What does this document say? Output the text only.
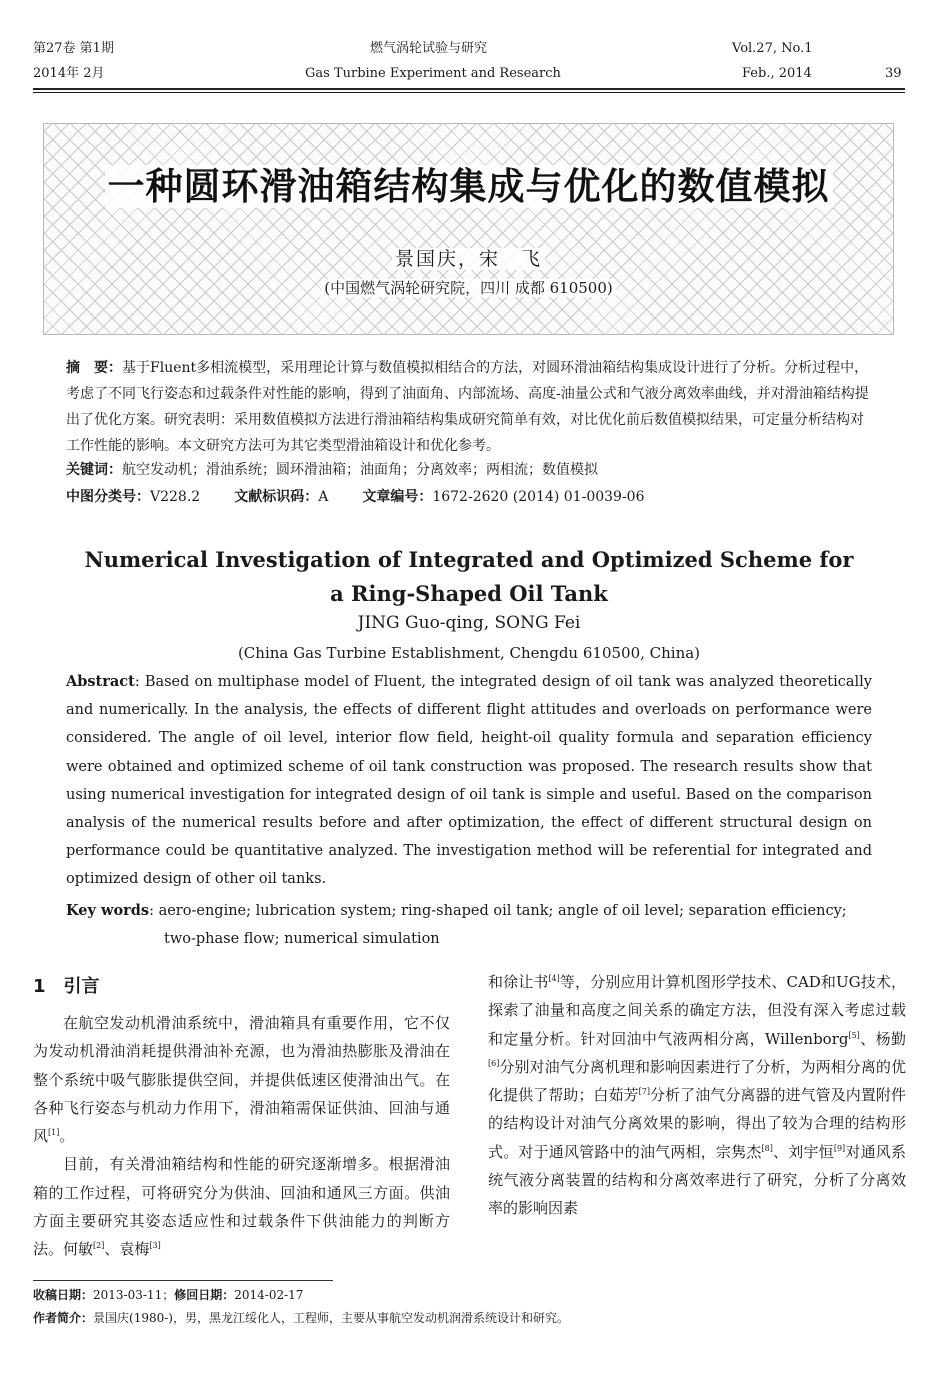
第27卷 第1期
2014年 2月
燃气涡轮试验与研究
Gas Turbine Experiment and Research
Vol.27, No.1
Feb., 2014	39
一种圆环滑油箱结构集成与优化的数值模拟
景国庆，宋　飞
(中国燃气涡轮研究院，四川 成都 610500)
摘　要：基于Fluent多相流模型，采用理论计算与数值模拟相结合的方法，对圆环滑油箱结构集成设计进行了分析。分析过程中，考虑了不同飞行姿态和过载条件对性能的影响，得到了油面角、内部流场、高度-油量公式和气液分离效率曲线，并对滑油箱结构提出了优化方案。研究表明：采用数值模拟方法进行滑油箱结构集成研究简单有效，对比优化前后数值模拟结果，可定量分析结构对工作性能的影响。本文研究方法可为其它类型滑油箱设计和优化参考。
关键词：航空发动机；滑油系统；圆环滑油箱；油面角；分离效率；两相流；数值模拟
中图分类号：V228.2 文献标识码：A 文章编号：1672-2620 (2014) 01-0039-06
Numerical Investigation of Integrated and Optimized Scheme for
a Ring-Shaped Oil Tank
JING Guo-qing, SONG Fei
(China Gas Turbine Establishment, Chengdu 610500, China)
Abstract: Based on multiphase model of Fluent, the integrated design of oil tank was analyzed theoretically and numerically. In the analysis, the effects of different flight attitudes and overloads on performance were considered. The angle of oil level, interior flow field, height-oil quality formula and separation efficiency were obtained and optimized scheme of oil tank construction was proposed. The research results show that using numerical investigation for integrated design of oil tank is simple and useful. Based on the comparison analysis of the numerical results before and after optimization, the effect of different structural design on performance could be quantitative analyzed. The investigation method will be referential for integrated and optimized design of other oil tanks.
Key words: aero-engine; lubrication system; ring-shaped oil tank; angle of oil level; separation efficiency;
two-phase flow; numerical simulation
1　引言
在航空发动机滑油系统中，滑油箱具有重要作用，它不仅为发动机滑油消耗提供滑油补充源，也为滑油热膨胀及滑油在整个系统中吸气膨胀提供空间，并提供低速区使滑油出气。在各种飞行姿态与机动力作用下，滑油箱需保证供油、回油与通风[1]。
目前，有关滑油箱结构和性能的研究逐渐增多。根据滑油箱的工作过程，可将研究分为供油、回油和通风三方面。供油方面主要研究其姿态适应性和过载条件下供油能力的判断方法。何敏[2]、袁梅[3]
和徐让书[4]等，分别应用计算机图形学技术、CAD和UG技术，探索了油量和高度之间关系的确定方法，但没有深入考虑过载和定量分析。针对回油中气液两相分离，Willenborg[5]、杨勤[6]分别对油气分离机理和影响因素进行了分析，为两相分离的优化提供了帮助；白茹芳[7]分析了油气分离器的进气管及内置附件的结构设计对油气分离效果的影响，得出了较为合理的结构形式。对于通风管路中的油气两相，宗隽杰[8]、刘宇恒[9]对通风系统气液分离装置的结构和分离效率进行了研究，分析了分离效率的影响因素
收稿日期：2013-03-11；修回日期：2014-02-17
作者简介：景国庆(1980-)，男，黑龙江绥化人，工程师，主要从事航空发动机润滑系统设计和研究。
